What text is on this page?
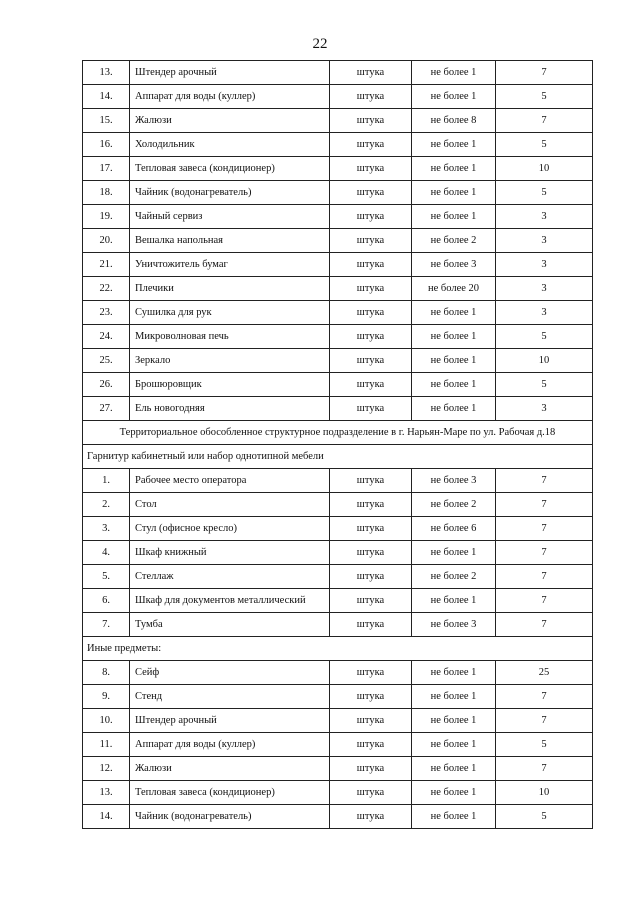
22
13.	Штендер арочный	штука	не более 1	7
14.	Аппарат для воды (куллер)	штука	не более 1	5
15.	Жалюзи	штука	не более 8	7
16.	Холодильник	штука	не более 1	5
17.	Тепловая завеса (кондиционер)	штука	не более 1	10
18.	Чайник (водонагреватель)	штука	не более 1	5
19.	Чайный сервиз	штука	не более 1	3
20.	Вешалка напольная	штука	не более 2	3
21.	Уничтожитель бумаг	штука	не более 3	3
22.	Плечики	штука	не более 20	3
23.	Сушилка для рук	штука	не более 1	3
24.	Микроволновая печь	штука	не более 1	5
25.	Зеркало	штука	не более 1	10
26.	Брошюровщик	штука	не более 1	5
27.	Ель новогодняя	штука	не более 1	3
Территориальное обособленное структурное подразделение в г. Нарьян-Маре по ул. Рабочая д.18				
Гарнитур кабинетный или набор однотипной мебели				
1.	Рабочее место оператора	штука	не более 3	7
2.	Стол	штука	не более 2	7
3.	Стул (офисное кресло)	штука	не более 6	7
4.	Шкаф книжный	штука	не более 1	7
5.	Стеллаж	штука	не более 2	7
6.	Шкаф для документов металлический	штука	не более 1	7
7.	Тумба	штука	не более 3	7
Иные предметы:				
8.	Сейф	штука	не более 1	25
9.	Стенд	штука	не более 1	7
10.	Штендер арочный	штука	не более 1	7
11.	Аппарат для воды (куллер)	штука	не более 1	5
12.	Жалюзи	штука	не более 1	7
13.	Тепловая завеса (кондиционер)	штука	не более 1	10
14.	Чайник (водонагреватель)	штука	не более 1	5
